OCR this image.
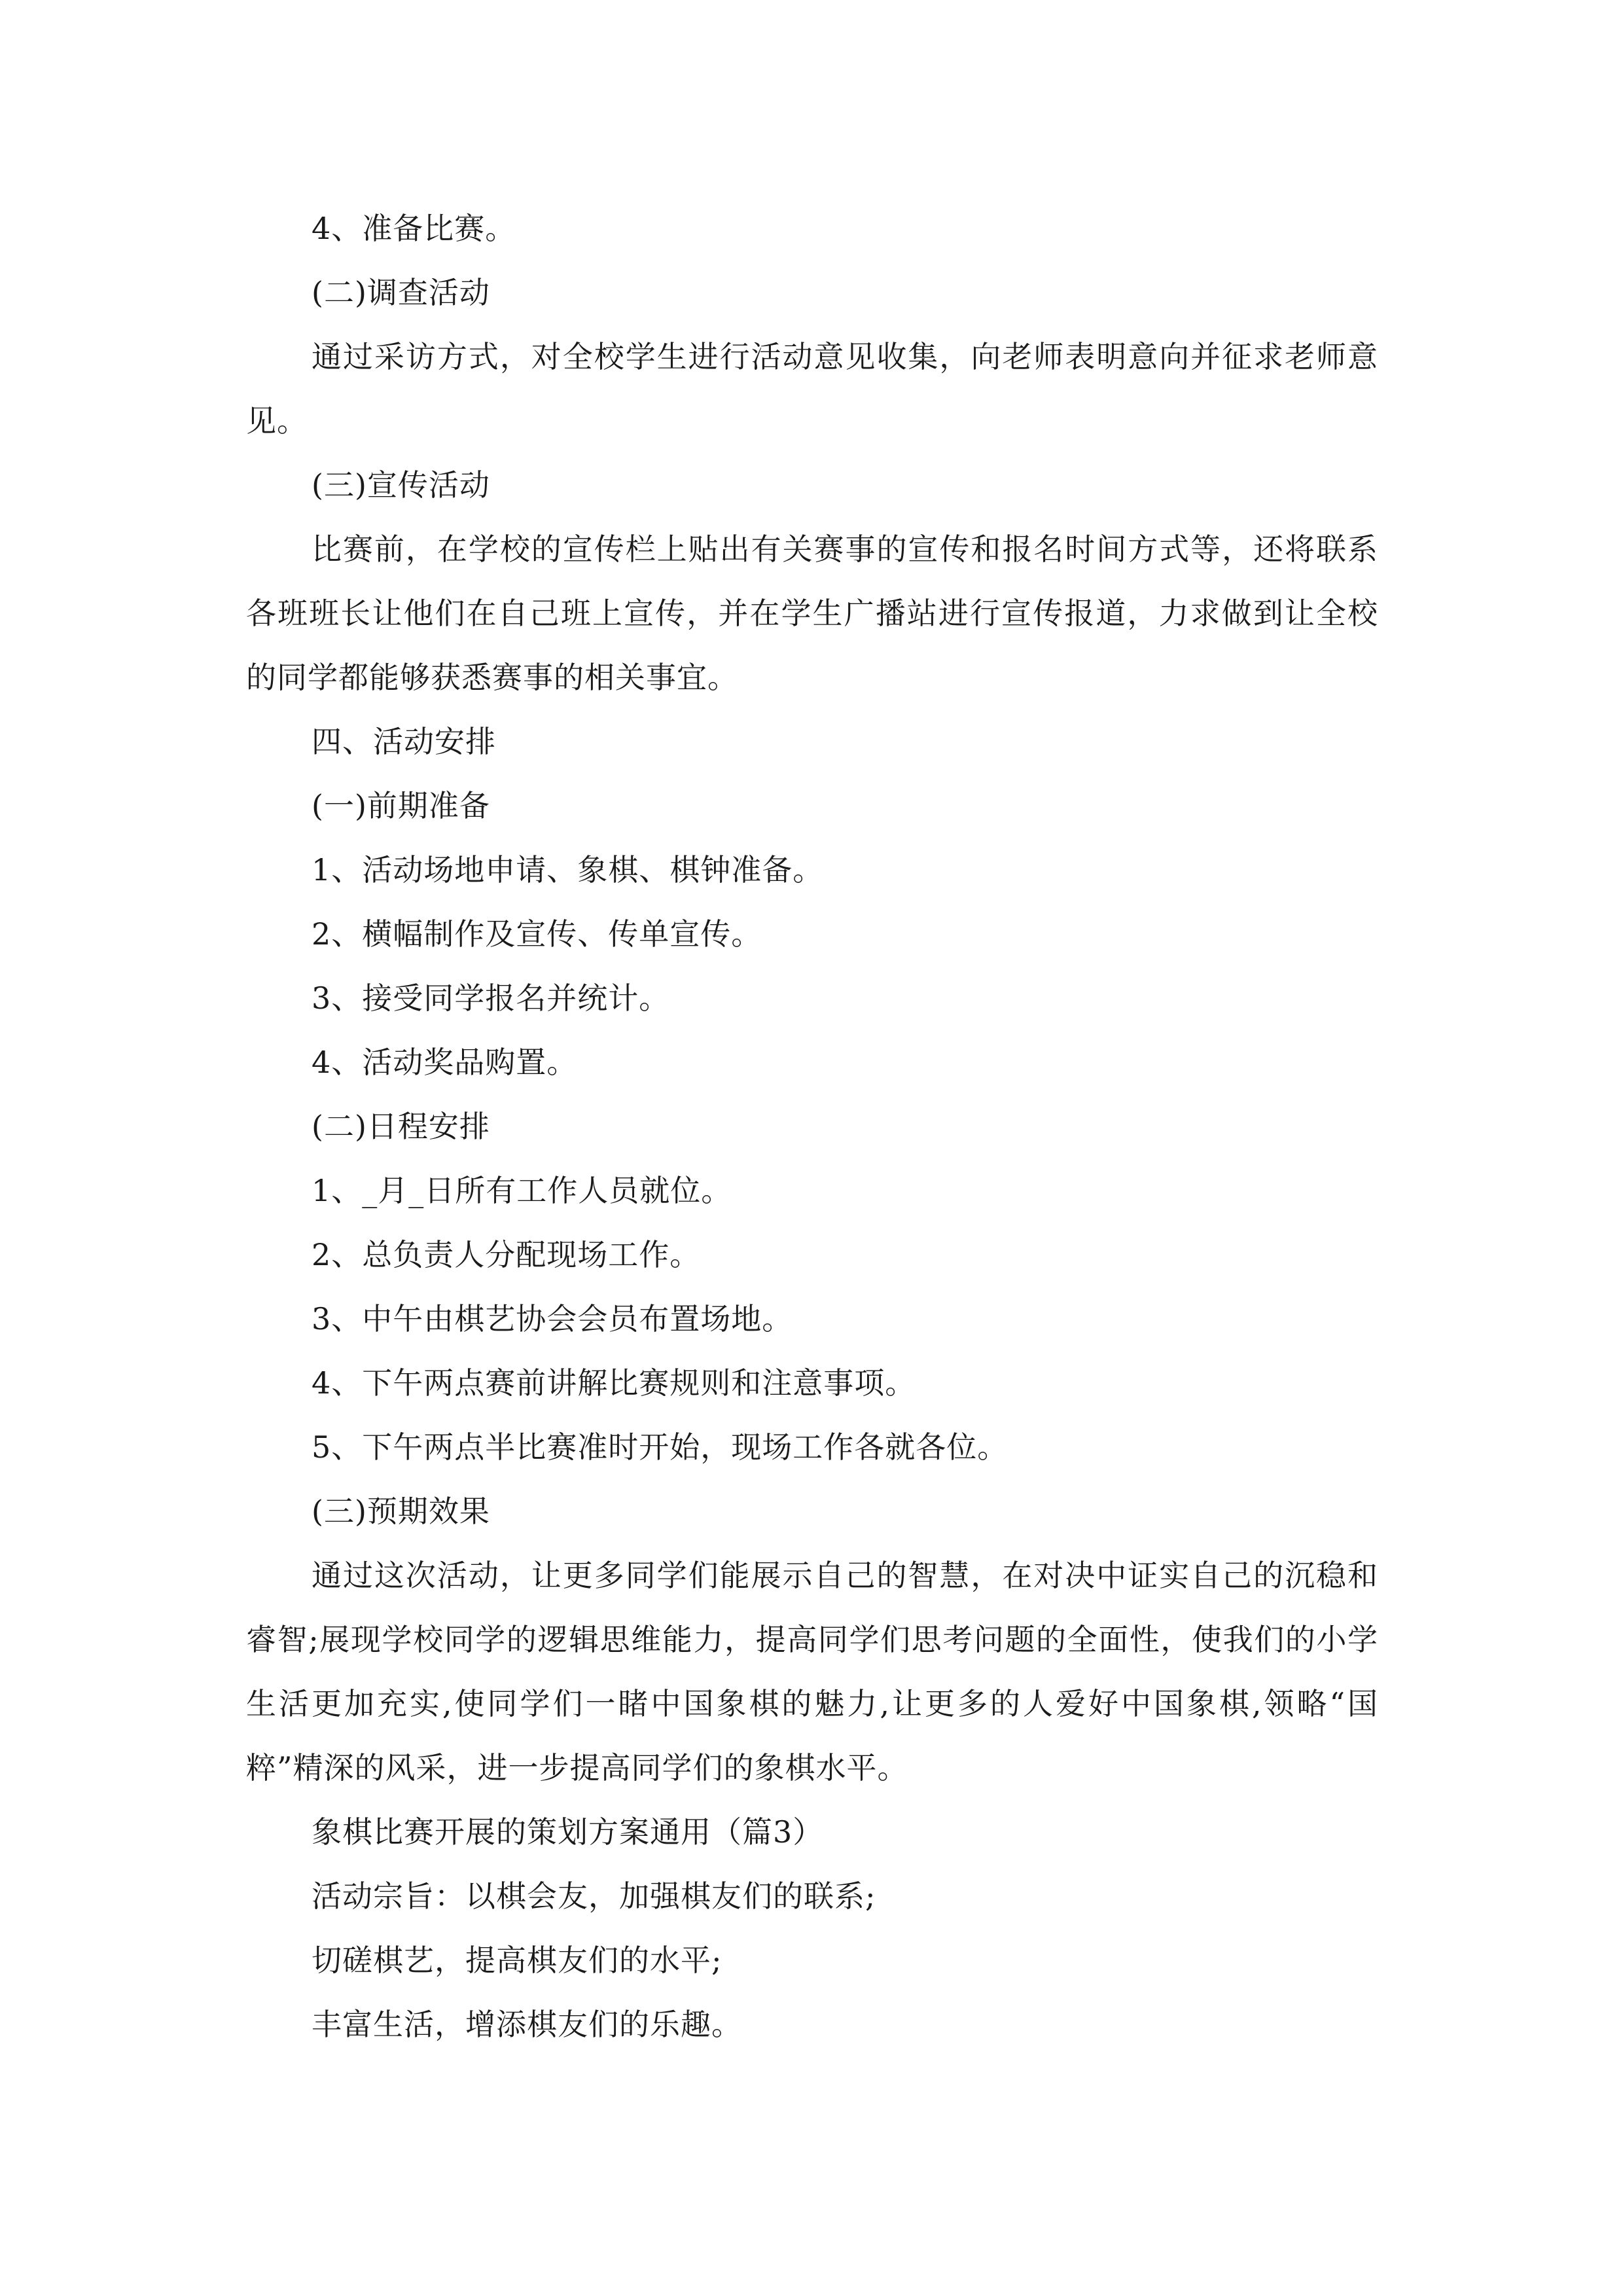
4、准备比赛。

(二)调查活动

通过采访方式，对全校学生进行活动意见收集，向老师表明意向并征求老师意见。

(三)宣传活动

比赛前，在学校的宣传栏上贴出有关赛事的宣传和报名时间方式等，还将联系各班班长让他们在自己班上宣传，并在学生广播站进行宣传报道，力求做到让全校的同学都能够获悉赛事的相关事宜。

四、活动安排

(一)前期准备

1、活动场地申请、象棋、棋钟准备。

2、横幅制作及宣传、传单宣传。

3、接受同学报名并统计。

4、活动奖品购置。

(二)日程安排

1、_月_日所有工作人员就位。

2、总负责人分配现场工作。

3、中午由棋艺协会会员布置场地。

4、下午两点赛前讲解比赛规则和注意事项。

5、下午两点半比赛准时开始，现场工作各就各位。

(三)预期效果

通过这次活动，让更多同学们能展示自己的智慧，在对决中证实自己的沉稳和睿智;展现学校同学的逻辑思维能力，提高同学们思考问题的全面性，使我们的小学生活更加充实,使同学们一睹中国象棋的魅力,让更多的人爱好中国象棋,领略“国粹”精深的风采，进一步提高同学们的象棋水平。

象棋比赛开展的策划方案通用（篇3）

活动宗旨：以棋会友，加强棋友们的联系;

切磋棋艺，提高棋友们的水平;

丰富生活，增添棋友们的乐趣。
